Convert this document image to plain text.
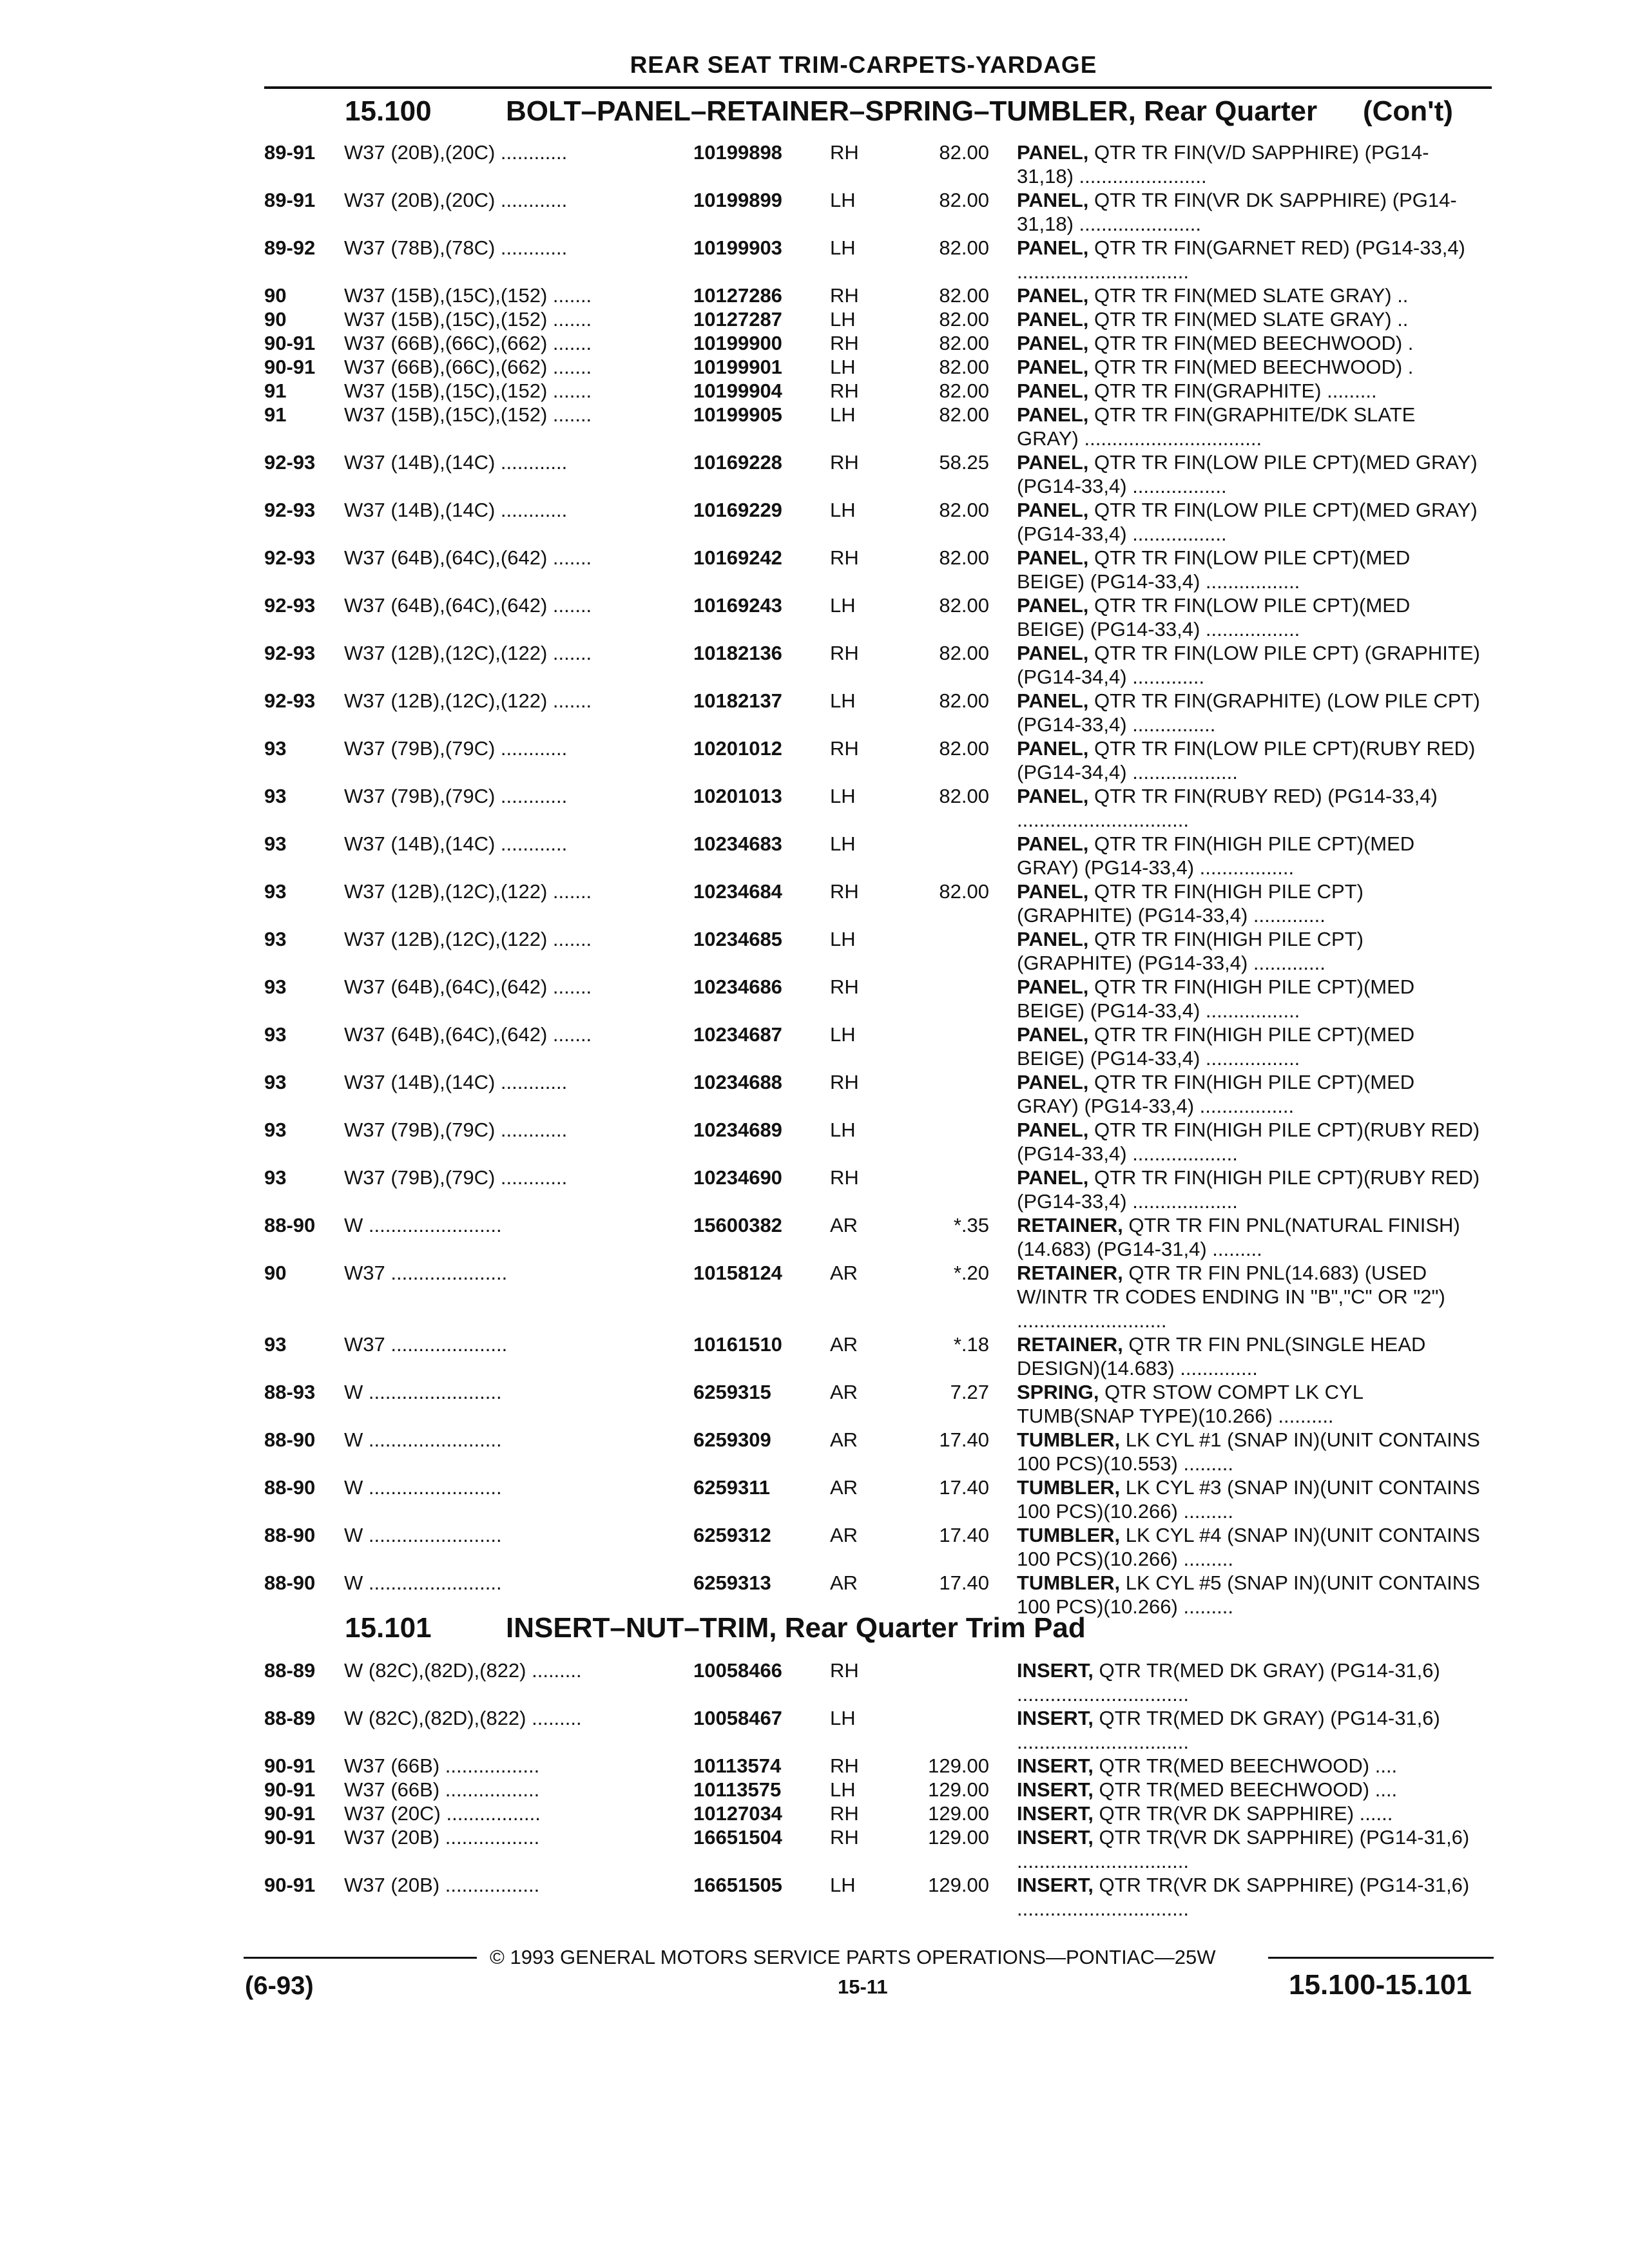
REAR SEAT TRIM-CARPETS-YARDAGE
15.100	BOLT–PANEL–RETAINER–SPRING–TUMBLER, Rear Quarter (Con't)
89-91 W37 (20B),(20C) ............	10199898 RH	82.00 PANEL, QTR TR FIN(V/D SAPPHIRE) (PG14-31,18) .......................
89-91 W37 (20B),(20C) ............	10199899 LH	82.00 PANEL, QTR TR FIN(VR DK SAPPHIRE) (PG14-31,18) ......................
89-92 W37 (78B),(78C) ............	10199903 LH	82.00 PANEL, QTR TR FIN(GARNET RED) (PG14-33,4) ...............................
90	W37 (15B),(15C),(152) .......	10127286 RH	82.00 PANEL, QTR TR FIN(MED SLATE GRAY) ..
90	W37 (15B),(15C),(152) .......	10127287 LH	82.00 PANEL, QTR TR FIN(MED SLATE GRAY) ..
90-91 W37 (66B),(66C),(662) .......	10199900 RH	82.00 PANEL, QTR TR FIN(MED BEECHWOOD) .
90-91 W37 (66B),(66C),(662) .......	10199901 LH	82.00 PANEL, QTR TR FIN(MED BEECHWOOD) .
91	W37 (15B),(15C),(152) .......	10199904 RH	82.00 PANEL, QTR TR FIN(GRAPHITE) .........
91	W37 (15B),(15C),(152) .......	10199905 LH	82.00 PANEL, QTR TR FIN(GRAPHITE/DK SLATE GRAY) ................................
92-93 W37 (14B),(14C) ............	10169228 RH	58.25 PANEL, QTR TR FIN(LOW PILE CPT)(MED GRAY) (PG14-33,4) .................
92-93 W37 (14B),(14C) ............	10169229 LH	82.00 PANEL, QTR TR FIN(LOW PILE CPT)(MED GRAY) (PG14-33,4) .................
92-93 W37 (64B),(64C),(642) .......	10169242 RH	82.00 PANEL, QTR TR FIN(LOW PILE CPT)(MED BEIGE) (PG14-33,4) .................
92-93 W37 (64B),(64C),(642) .......	10169243 LH	82.00 PANEL, QTR TR FIN(LOW PILE CPT)(MED BEIGE) (PG14-33,4) .................
92-93 W37 (12B),(12C),(122) .......	10182136 RH	82.00 PANEL, QTR TR FIN(LOW PILE CPT) (GRAPHITE) (PG14-34,4) .............
92-93 W37 (12B),(12C),(122) .......	10182137 LH	82.00 PANEL, QTR TR FIN(GRAPHITE) (LOW PILE CPT) (PG14-33,4) ...............
93	W37 (79B),(79C) ............	10201012 RH	82.00 PANEL, QTR TR FIN(LOW PILE CPT)(RUBY RED) (PG14-34,4) ...................
93	W37 (79B),(79C) ............	10201013 LH	82.00 PANEL, QTR TR FIN(RUBY RED) (PG14-33,4) ...............................
93	W37 (14B),(14C) ............	10234683 LH	PANEL, QTR TR FIN(HIGH PILE CPT)(MED GRAY) (PG14-33,4) .................
93	W37 (12B),(12C),(122) .......	10234684 RH	82.00 PANEL, QTR TR FIN(HIGH PILE CPT) (GRAPHITE) (PG14-33,4) .............
93	W37 (12B),(12C),(122) .......	10234685 LH	PANEL, QTR TR FIN(HIGH PILE CPT) (GRAPHITE) (PG14-33,4) .............
93	W37 (64B),(64C),(642) .......	10234686 RH	PANEL, QTR TR FIN(HIGH PILE CPT)(MED BEIGE) (PG14-33,4) .................
93	W37 (64B),(64C),(642) .......	10234687 LH	PANEL, QTR TR FIN(HIGH PILE CPT)(MED BEIGE) (PG14-33,4) .................
93	W37 (14B),(14C) ............	10234688 RH	PANEL, QTR TR FIN(HIGH PILE CPT)(MED GRAY) (PG14-33,4) .................
93	W37 (79B),(79C) ............	10234689 LH	PANEL, QTR TR FIN(HIGH PILE CPT)(RUBY RED) (PG14-33,4) ...................
93	W37 (79B),(79C) ............	10234690 RH	PANEL, QTR TR FIN(HIGH PILE CPT)(RUBY RED) (PG14-33,4) ...................
88-90 W ........................	15600382 AR	*.35 RETAINER, QTR TR FIN PNL(NATURAL FINISH)(14.683) (PG14-31,4) .........
90	W37 .....................	10158124 AR	*.20 RETAINER, QTR TR FIN PNL(14.683) (USED W/INTR TR CODES ENDING IN "B","C" OR "2") ...........................
93	W37 .....................	10161510 AR	*.18 RETAINER, QTR TR FIN PNL(SINGLE HEAD DESIGN)(14.683) ..............
88-93 W ........................	6259315	AR	7.27 SPRING, QTR STOW COMPT LK CYL TUMB(SNAP TYPE)(10.266) ..........
88-90 W ........................	6259309	AR	17.40 TUMBLER, LK CYL #1 (SNAP IN)(UNIT CONTAINS 100 PCS)(10.553) .........
88-90 W ........................	6259311	AR	17.40 TUMBLER, LK CYL #3 (SNAP IN)(UNIT CONTAINS 100 PCS)(10.266) .........
88-90 W ........................	6259312	AR	17.40 TUMBLER, LK CYL #4 (SNAP IN)(UNIT CONTAINS 100 PCS)(10.266) .........
88-90 W ........................	6259313	AR	17.40 TUMBLER, LK CYL #5 (SNAP IN)(UNIT CONTAINS 100 PCS)(10.266) .........
15.101	INSERT–NUT–TRIM, Rear Quarter Trim Pad
88-89 W (82C),(82D),(822) .........	10058466 RH	INSERT, QTR TR(MED DK GRAY) (PG14-31,6) ...............................
88-89 W (82C),(82D),(822) .........	10058467 LH	INSERT, QTR TR(MED DK GRAY) (PG14-31,6) ...............................
90-91 W37 (66B) .................	10113574 RH	129.00 INSERT, QTR TR(MED BEECHWOOD) ....
90-91 W37 (66B) .................	10113575 LH	129.00 INSERT, QTR TR(MED BEECHWOOD) ....
90-91 W37 (20C) .................	10127034 RH	129.00 INSERT, QTR TR(VR DK SAPPHIRE) ......
90-91 W37 (20B) .................	16651504 RH	129.00 INSERT, QTR TR(VR DK SAPPHIRE) (PG14-31,6) ...............................
90-91 W37 (20B) .................	16651505 LH	129.00 INSERT, QTR TR(VR DK SAPPHIRE) (PG14-31,6) ...............................
© 1993 GENERAL MOTORS SERVICE PARTS OPERATIONS—PONTIAC—25W
(6-93)	15-11	15.100-15.101
